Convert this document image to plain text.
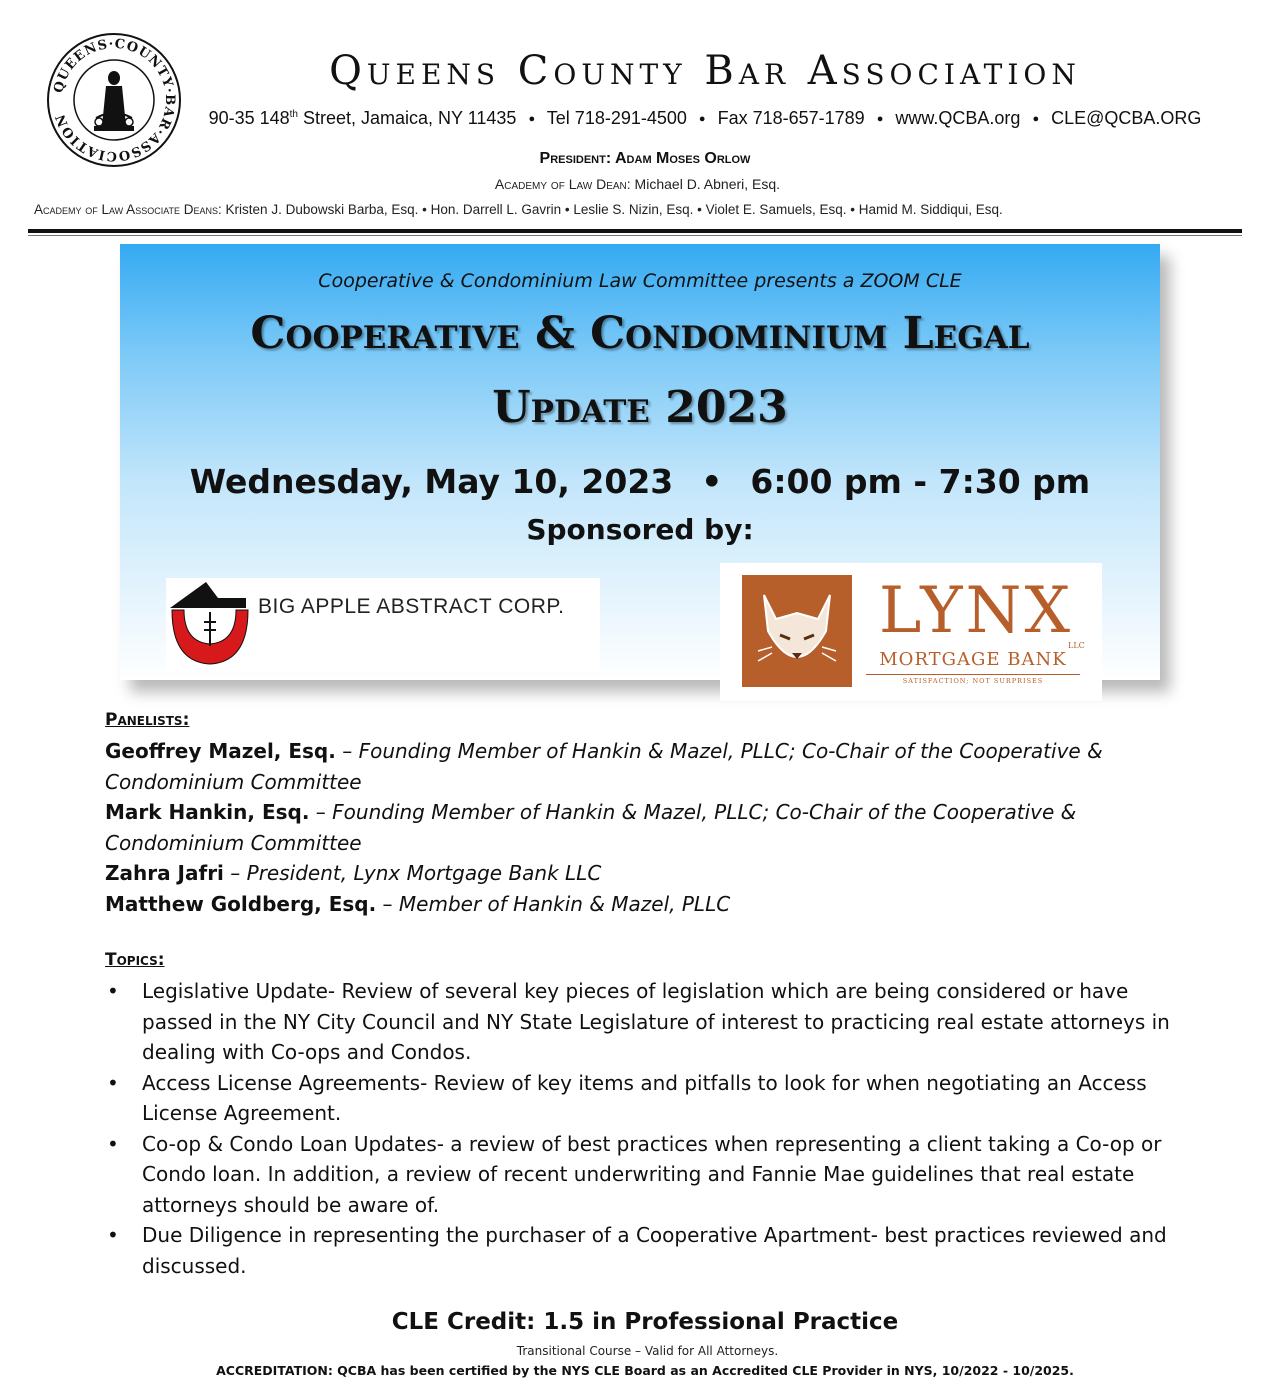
QUEENS·COUNTY·BAR·ASSOCIATION
Queens County Bar Association
90-35 148th Street, Jamaica, NY 11435 ● Tel 718-291-4500 ● Fax 718-657-1789 ● www.QCBA.org ● CLE@QCBA.ORG
President: Adam Moses Orlow
Academy of Law Dean: Michael D. Abneri, Esq.
Academy of Law Associate Deans: Kristen J. Dubowski Barba, Esq. • Hon. Darrell L. Gavrin • Leslie S. Nizin, Esq. • Violet E. Samuels, Esq. • Hamid M. Siddiqui, Esq.
Cooperative & Condominium Law Committee presents a ZOOM CLE
Cooperative & Condominium Legal
Update 2023
Wednesday, May 10, 2023 • 6:00 pm - 7:30 pm
Sponsored by:
BIG APPLE ABSTRACT CORP.	LYNX
LLC
MORTGAGE BANK
SATISFACTION; NOT SURPRISES
Panelists:
Geoffrey Mazel, Esq. – Founding Member of Hankin & Mazel, PLLC; Co-Chair of the Cooperative & Condominium Committee
Mark Hankin, Esq. – Founding Member of Hankin & Mazel, PLLC; Co-Chair of the Cooperative & Condominium Committee
Zahra Jafri – President, Lynx Mortgage Bank LLC
Matthew Goldberg, Esq. – Member of Hankin & Mazel, PLLC
Topics:
• Legislative Update- Review of several key pieces of legislation which are being considered or have passed in the NY City Council and NY State Legislature of interest to practicing real estate attorneys in dealing with Co-ops and Condos.
• Access License Agreements- Review of key items and pitfalls to look for when negotiating an Access License Agreement.
• Co-op & Condo Loan Updates- a review of best practices when representing a client taking a Co-op or Condo loan. In addition, a review of recent underwriting and Fannie Mae guidelines that real estate attorneys should be aware of.
• Due Diligence in representing the purchaser of a Cooperative Apartment- best practices reviewed and discussed.
CLE Credit: 1.5 in Professional Practice
Transitional Course – Valid for All Attorneys.
ACCREDITATION: QCBA has been certified by the NYS CLE Board as an Accredited CLE Provider in NYS, 10/2022 - 10/2025.
